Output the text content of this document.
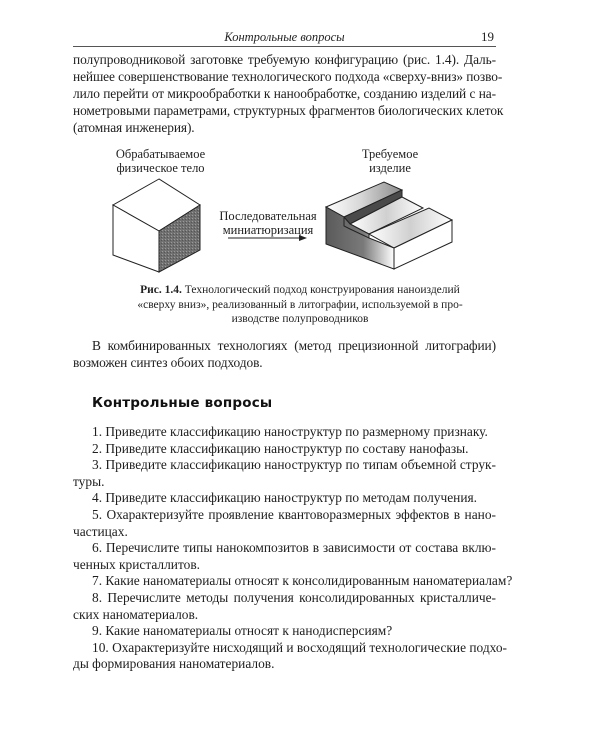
Контрольные вопросы	19
полупроводниковой заготовке требуемую конфигурацию (рис. 1.4). Даль-
нейшее совершенствование технологического подхода «сверху-вниз» позво-
лило перейти от микрообработки к нанообработке, созданию изделий с на-
нометровыми параметрами, структурных фрагментов биологических клеток
(атомная инженерия).
Обрабатываемое
физическое тело
Требуемое
изделие
Последовательная
миниатюризация
Рис. 1.4. Технологический подход конструирования наноизделий
«сверху вниз», реализованный в литографии, используемой в про-
изводстве полупроводников
В комбинированных технологиях (метод прецизионной литографии)
возможен синтез обоих подходов.
Контрольные вопросы
1. Приведите классификацию наноструктур по размерному признаку.
2. Приведите классификацию наноструктур по составу нанофазы.
3. Приведите классификацию наноструктур по типам объемной струк-
туры.
4. Приведите классификацию наноструктур по методам получения.
5. Охарактеризуйте проявление квантоворазмерных эффектов в нано-
частицах.
6. Перечислите типы нанокомпозитов в зависимости от состава вклю-
ченных кристаллитов.
7. Какие наноматериалы относят к консолидированным наноматериалам?
8. Перечислите методы получения консолидированных кристалличе-
ских наноматериалов.
9. Какие наноматериалы относят к нанодисперсиям?
10. Охарактеризуйте нисходящий и восходящий технологические подхо-
ды формирования наноматериалов.
